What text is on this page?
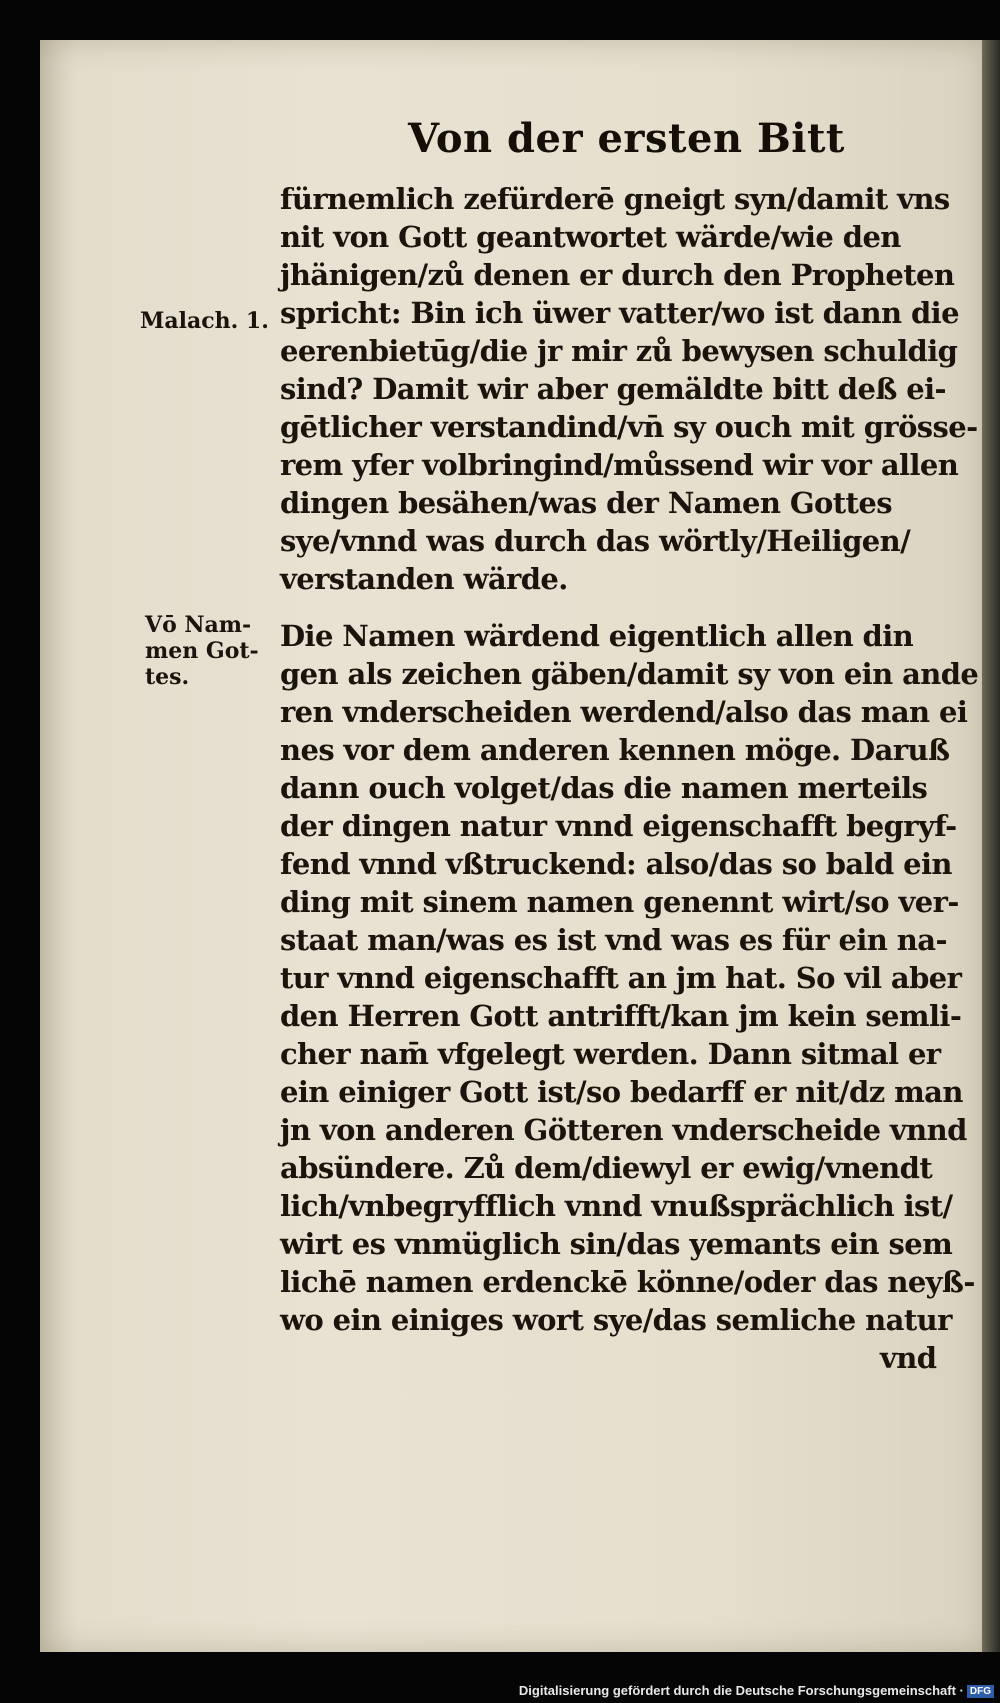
Von der ersten Bitt
fürnemlich zefürderē gneigt syn/damit vns
nit von Gott geantwortet wärde/wie den
jhänigen/zů denen er durch den Propheten
spricht: Bin ich üwer vatter/wo ist dann die
eerenbietūg/die jr mir zů bewysen schuldig
sind? Damit wir aber gemäldte bitt deß ei-
gētlicher verstandind/vn̄ sy ouch mit grösse-
rem yfer volbringind/můssend wir vor allen
dingen besähen/was der Namen Gottes
sye/vnnd was durch das wörtly/Heiligen/
verstanden wärde.
Die Namen wärdend eigentlich allen din
gen als zeichen gäben/damit sy von ein ande
ren vnderscheiden werdend/also das man ei
nes vor dem anderen kennen möge. Daruß
dann ouch volget/das die namen merteils
der dingen natur vnnd eigenschafft begryf-
fend vnnd vßtruckend: also/das so bald ein
ding mit sinem namen genennt wirt/so ver-
staat man/was es ist vnd was es für ein na-
tur vnnd eigenschafft an jm hat. So vil aber
den Herren Gott antrifft/kan jm kein semli-
cher nam̄ vfgelegt werden. Dann sitmal er
ein einiger Gott ist/so bedarff er nit/dz man
jn von anderen Götteren vnderscheide vnnd
absündere. Zů dem/diewyl er ewig/vnendt
lich/vnbegryfflich vnnd vnußsprächlich ist/
wirt es vnmüglich sin/das yemants ein sem
lichē namen erdenckē könne/oder das neyß-
wo ein einiges wort sye/das semliche natur
vnd
Malach. 1.
Vō Nam-
men Got-
tes.
Digitalisierung gefördert durch die Deutsche Forschungsgemeinschaft · DFG
